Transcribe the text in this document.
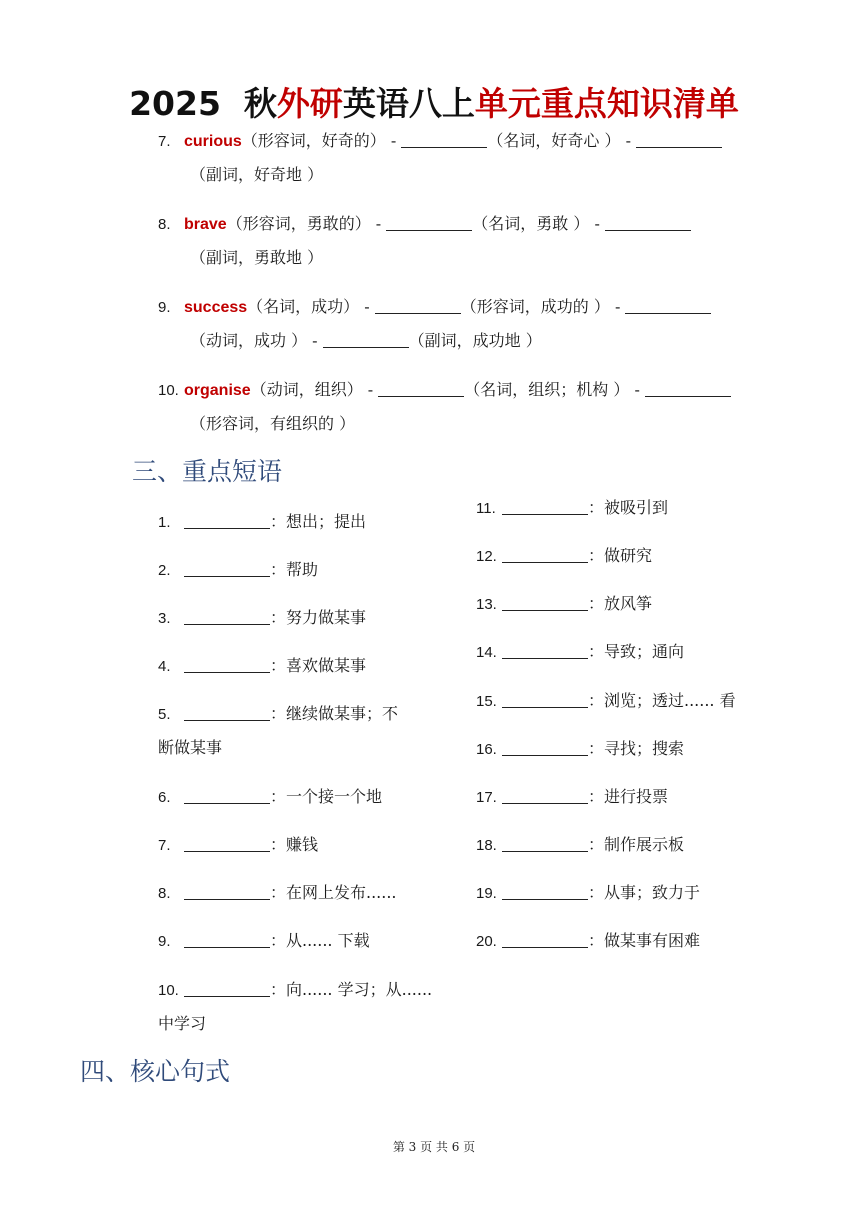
2025 秋外研英语八上单元重点知识清单
7. curious（形容词，好奇的） -	（名词，好奇心 ） -
（副词，好奇地 ）
8. brave（形容词，勇敢的） -	（名词，勇敢 ） -
（副词，勇敢地 ）
9. success（名词，成功） -	（形容词，成功的 ） -
（动词，成功 ） -	（副词，成功地 ）
10. organise（动词，组织） -	（名词，组织；机构 ） -
（形容词，有组织的 ）
三、重点短语
1.	：想出；提出
2.	：帮助
3.	：努力做某事
4.	：喜欢做某事
5.	：继续做某事；不
断做某事
6.	：一个接一个地
7.	：赚钱
8.	：在网上发布......
9.	：从...... 下载
10.	：向...... 学习；从......
中学习
11.	：被吸引到
12.	：做研究
13.	：放风筝
14.	：导致；通向
15.	：浏览；透过...... 看
16.	：寻找；搜索
17.	：进行投票
18.	：制作展示板
19.	：从事；致力于
20.	：做某事有困难
四、核心句式
第 3 页 共 6 页
